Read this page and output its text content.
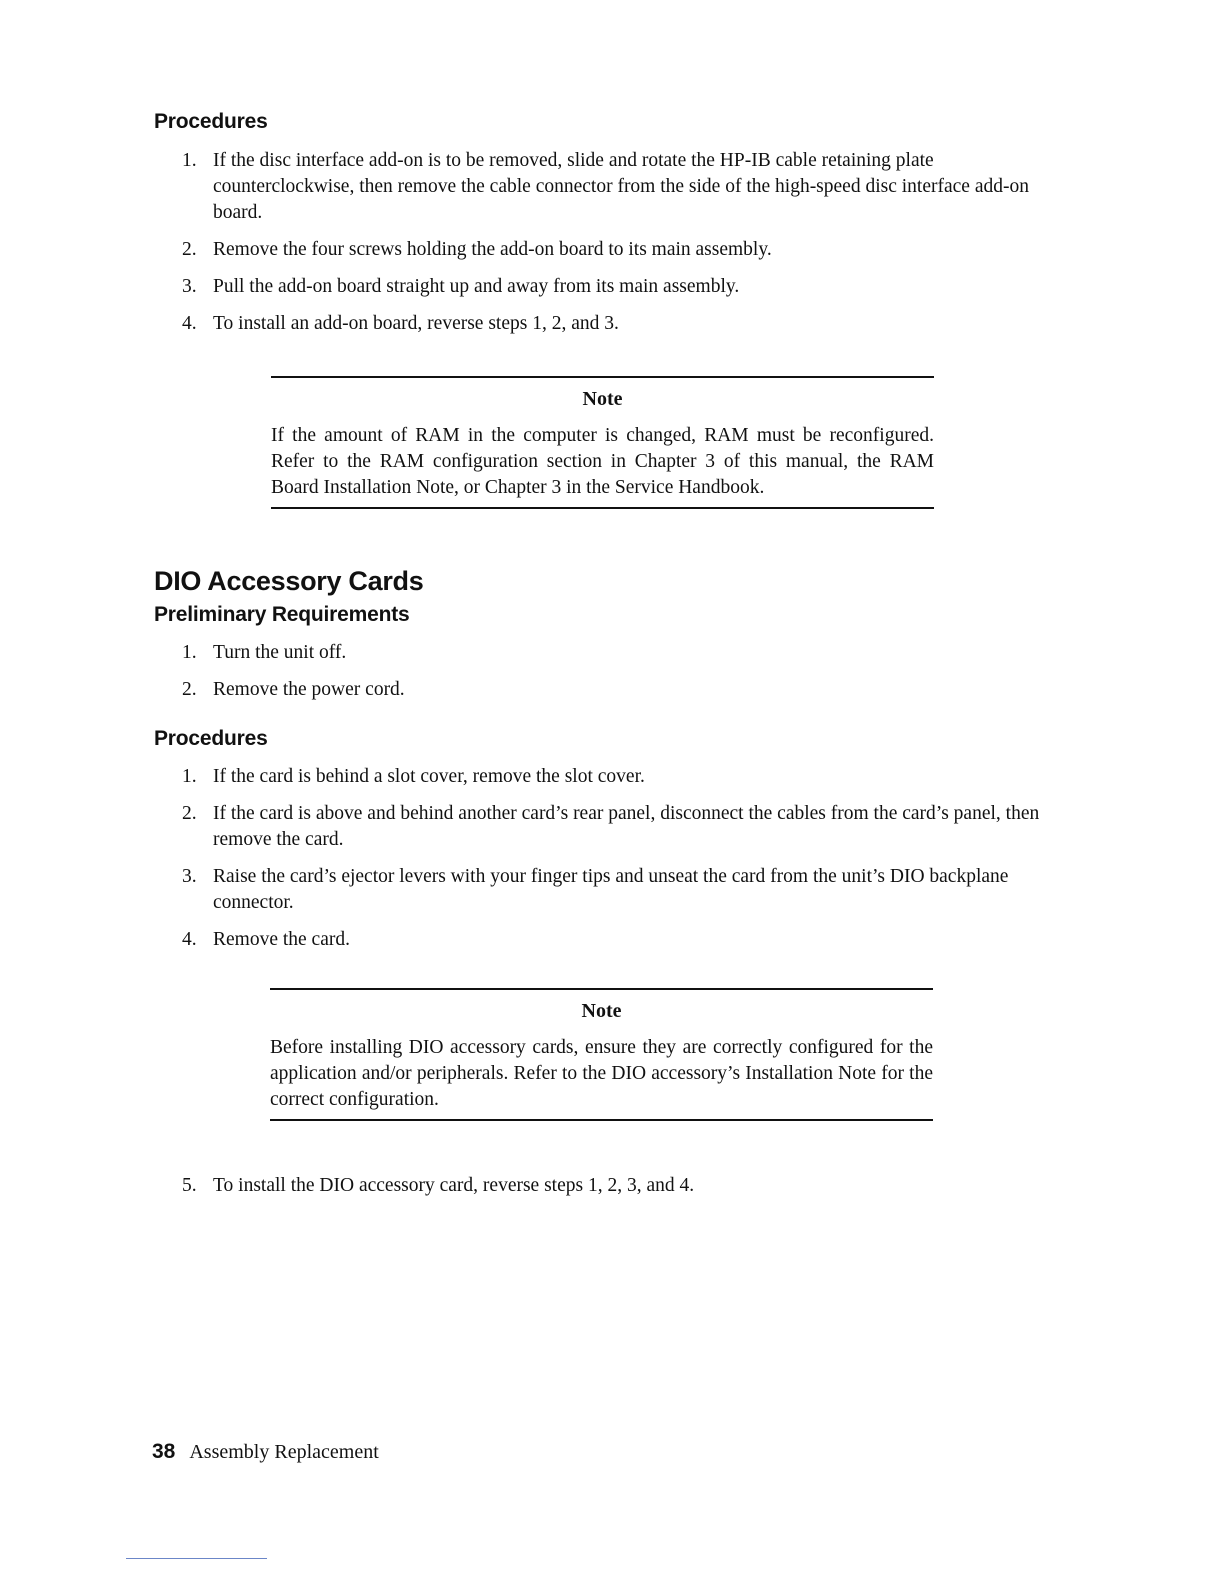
Procedures
1. If the disc interface add-on is to be removed, slide and rotate the HP-IB cable retaining plate counterclockwise, then remove the cable connector from the side of the high-speed disc interface add-on board.
2. Remove the four screws holding the add-on board to its main assembly.
3. Pull the add-on board straight up and away from its main assembly.
4. To install an add-on board, reverse steps 1, 2, and 3.
Note
If the amount of RAM in the computer is changed, RAM must be reconfigured. Refer to the RAM configuration section in Chapter 3 of this manual, the RAM Board Installation Note, or Chapter 3 in the Service Handbook.
DIO Accessory Cards
Preliminary Requirements
1. Turn the unit off.
2. Remove the power cord.
Procedures
1. If the card is behind a slot cover, remove the slot cover.
2. If the card is above and behind another card’s rear panel, disconnect the cables from the card’s panel, then remove the card.
3. Raise the card’s ejector levers with your finger tips and unseat the card from the unit’s DIO backplane connector.
4. Remove the card.
Note
Before installing DIO accessory cards, ensure they are correctly configured for the application and/or peripherals. Refer to the DIO accessory’s Installation Note for the correct configuration.
5. To install the DIO accessory card, reverse steps 1, 2, 3, and 4.
38 Assembly Replacement
